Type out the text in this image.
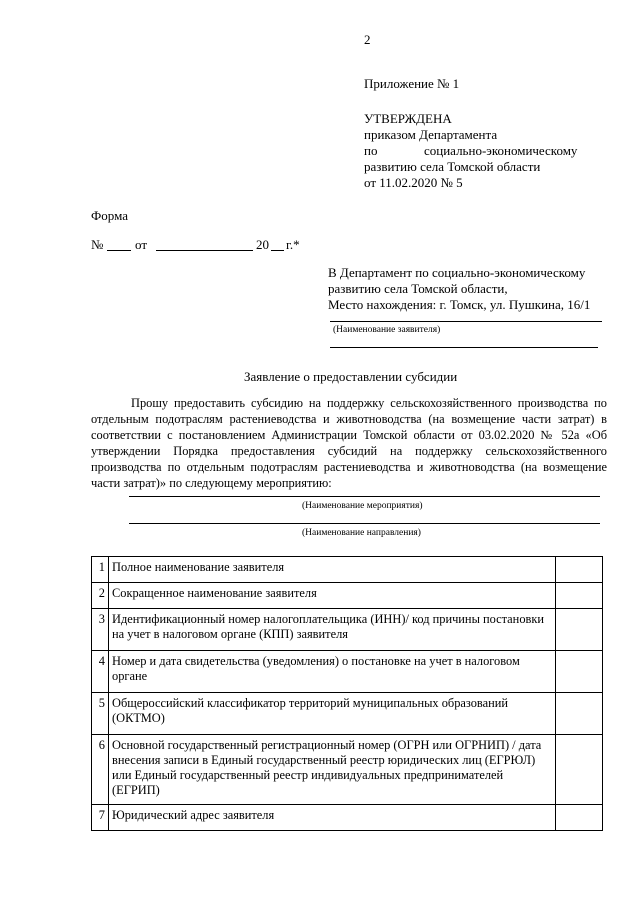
2
Приложение № 1
УТВЕРЖДЕНА
приказом Департамента
по	социально-экономическому
развитию села Томской области
от 11.02.2020 № 5
Форма
№ от	20 г.*
В Департамент по социально-экономическому
развитию села Томской области,
Место нахождения: г. Томск, ул. Пушкина, 16/1
(Наименование заявителя)
Заявление о предоставлении субсидии

Прошу предоставить субсидию на поддержку сельскохозяйственного производства по отдельным подотраслям растениеводства и животноводства (на возмещение части затрат) в соответствии с постановлением Администрации Томской области от 03.02.2020 № 52а «Об утверждении Порядка предоставления субсидий на поддержку сельскохозяйственного производства по отдельным подотраслям растениеводства и животноводства (на возмещение части затрат)» по следующему мероприятию:

(Наименование мероприятия)
(Наименование направления)
1	Полное наименование заявителя	
2	Сокращенное наименование заявителя	
3	Идентификационный номер налогоплательщика (ИНН)/ код причины постановки на учет в налоговом органе (КПП) заявителя	
4	Номер и дата свидетельства (уведомления) о постановке на учет в налоговом органе	
5	Общероссийский классификатор территорий муниципальных образований (ОКТМО)	
6	Основной государственный регистрационный номер (ОГРН или ОГРНИП) / дата внесения записи в Единый государственный реестр юридических лиц (ЕГРЮЛ) или Единый государственный реестр индивидуальных предпринимателей (ЕГРИП)	
7	Юридический адрес заявителя	
